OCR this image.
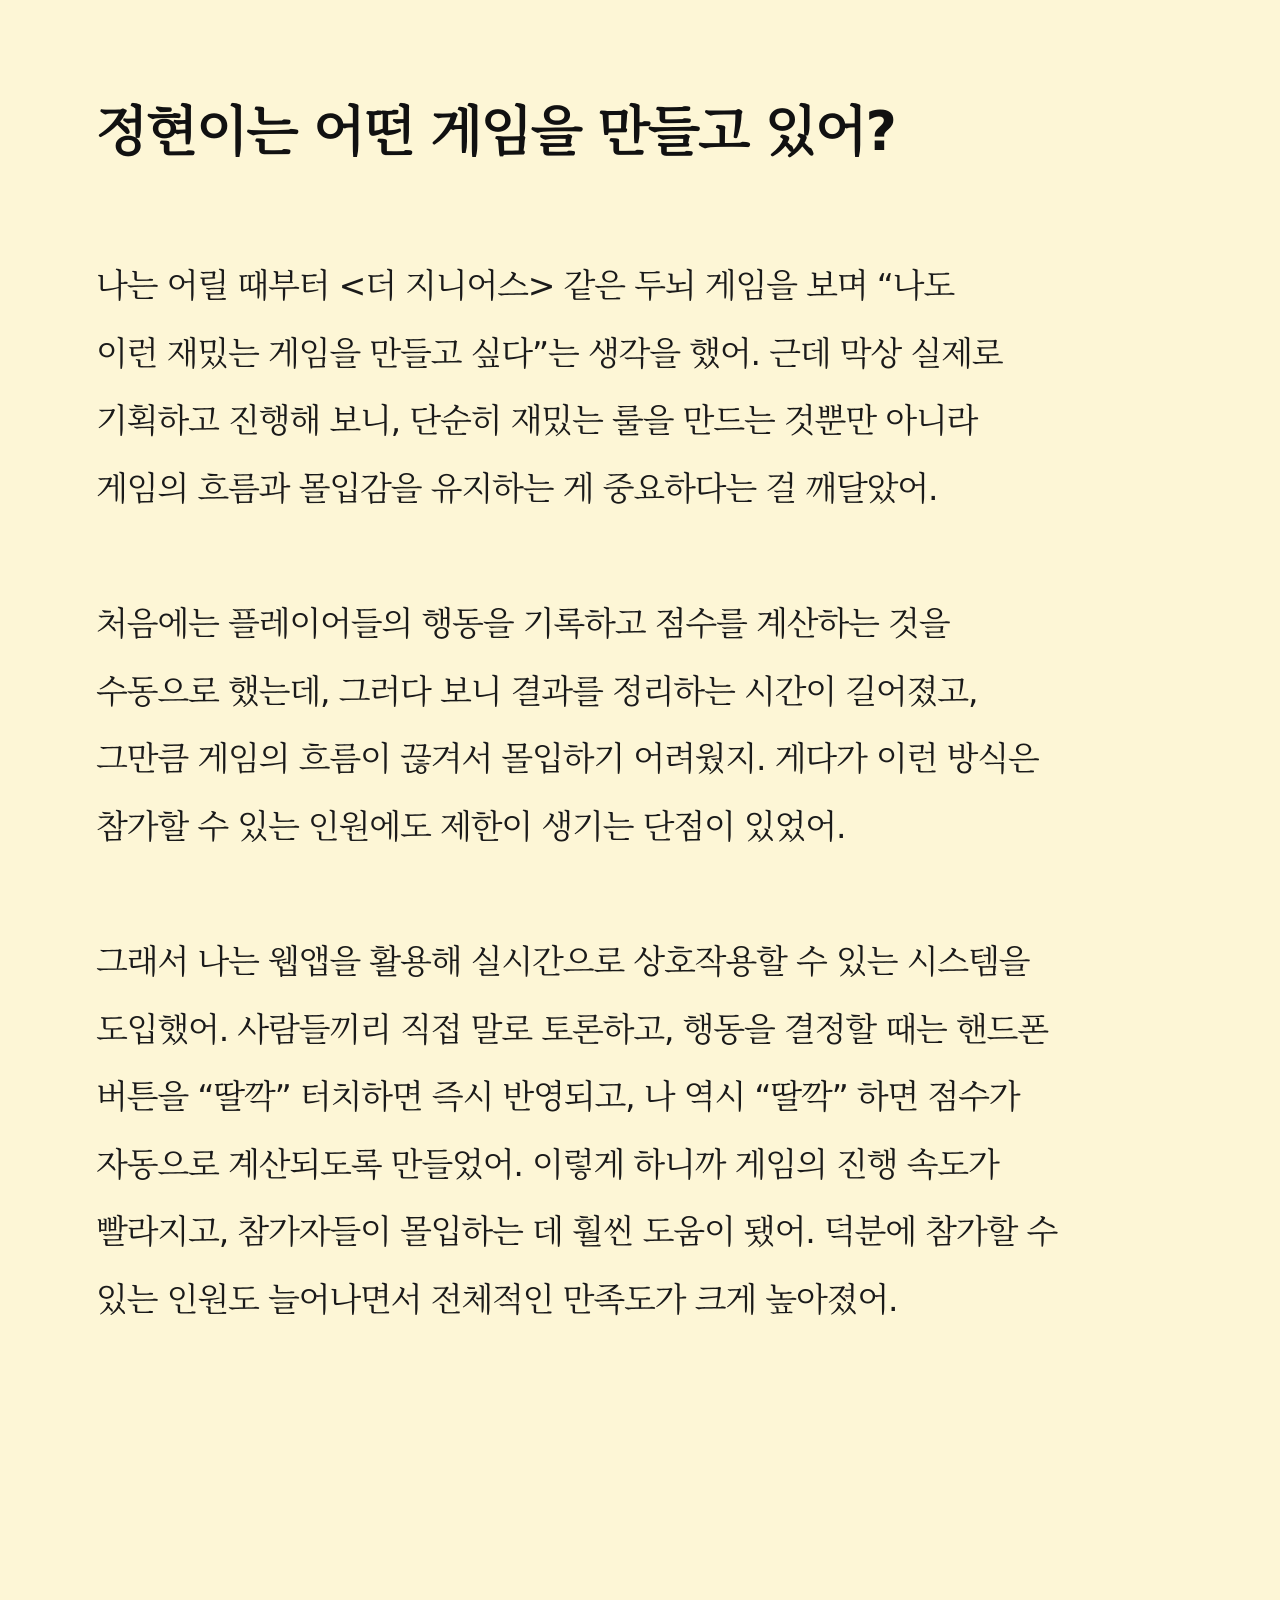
정현이는 어떤 게임을 만들고 있어?

나는 어릴 때부터 <더 지니어스> 같은 두뇌 게임을 보며 “나도
이런 재밌는 게임을 만들고 싶다”는 생각을 했어. 근데 막상 실제로
기획하고 진행해 보니, 단순히 재밌는 룰을 만드는 것뿐만 아니라
게임의 흐름과 몰입감을 유지하는 게 중요하다는 걸 깨달았어.

처음에는 플레이어들의 행동을 기록하고 점수를 계산하는 것을
수동으로 했는데, 그러다 보니 결과를 정리하는 시간이 길어졌고,
그만큼 게임의 흐름이 끊겨서 몰입하기 어려웠지. 게다가 이런 방식은
참가할 수 있는 인원에도 제한이 생기는 단점이 있었어.

그래서 나는 웹앱을 활용해 실시간으로 상호작용할 수 있는 시스템을
도입했어. 사람들끼리 직접 말로 토론하고, 행동을 결정할 때는 핸드폰
버튼을 “딸깍” 터치하면 즉시 반영되고, 나 역시 “딸깍” 하면 점수가
자동으로 계산되도록 만들었어. 이렇게 하니까 게임의 진행 속도가
빨라지고, 참가자들이 몰입하는 데 훨씬 도움이 됐어. 덕분에 참가할 수
있는 인원도 늘어나면서 전체적인 만족도가 크게 높아졌어.
